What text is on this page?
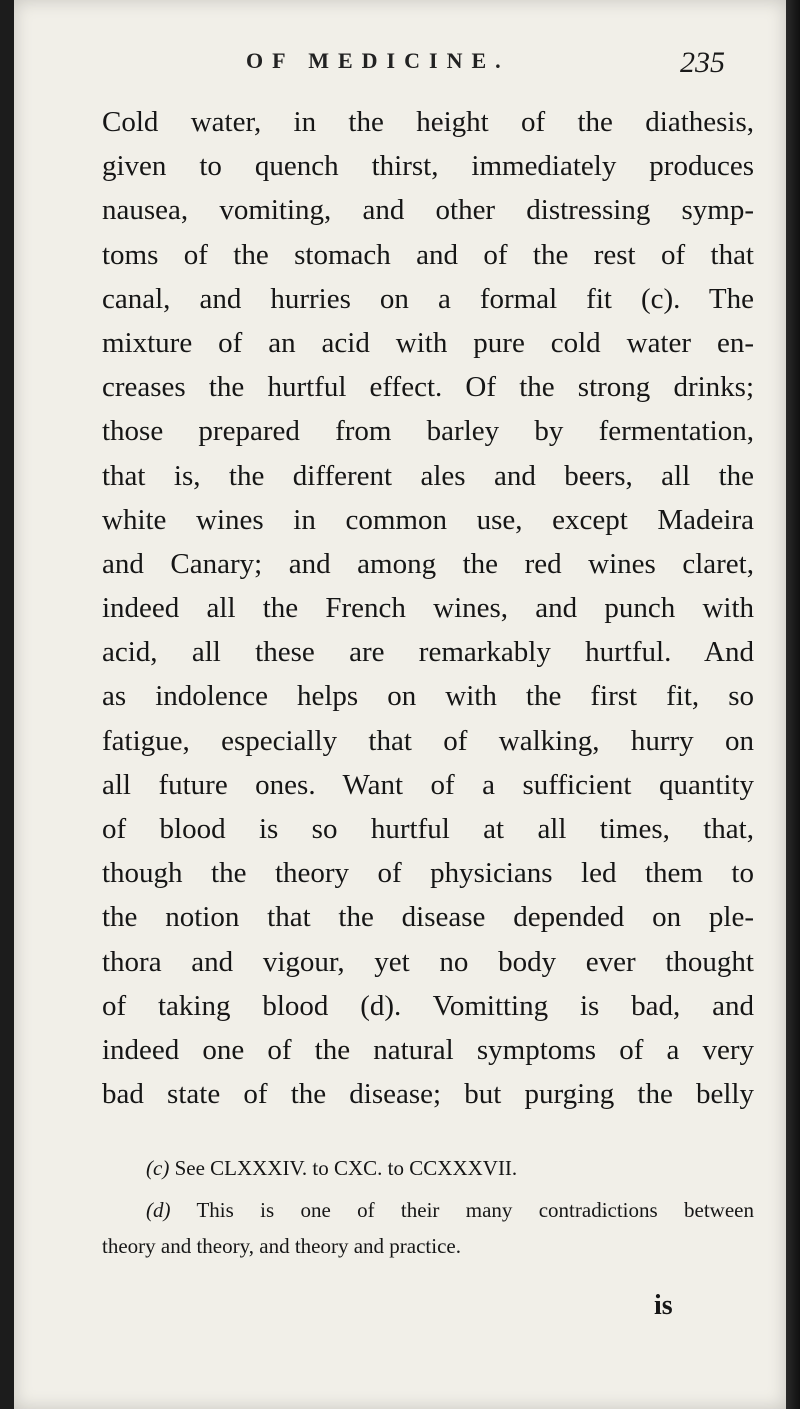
OF MEDICINE.	235
Cold water, in the height of the diathesis,
given to quench thirst, immediately produces
nausea, vomiting, and other distressing symp-
toms of the stomach and of the rest of that
canal, and hurries on a formal fit (c). The
mixture of an acid with pure cold water en-
creases the hurtful effect. Of the strong drinks;
those prepared from barley by fermentation,
that is, the different ales and beers, all the
white wines in common use, except Madeira
and Canary; and among the red wines claret,
indeed all the French wines, and punch with
acid, all these are remarkably hurtful. And
as indolence helps on with the first fit, so
fatigue, especially that of walking, hurry on
all future ones. Want of a sufficient quantity
of blood is so hurtful at all times, that,
though the theory of physicians led them to
the notion that the disease depended on ple-
thora and vigour, yet no body ever thought
of taking blood (d). Vomitting is bad, and
indeed one of the natural symptoms of a very
bad state of the disease; but purging the belly
(c) See CLXXXIV. to CXC. to CCXXXVII.
(d) This is one of their many contradictions between
theory and theory, and theory and practice.
is
